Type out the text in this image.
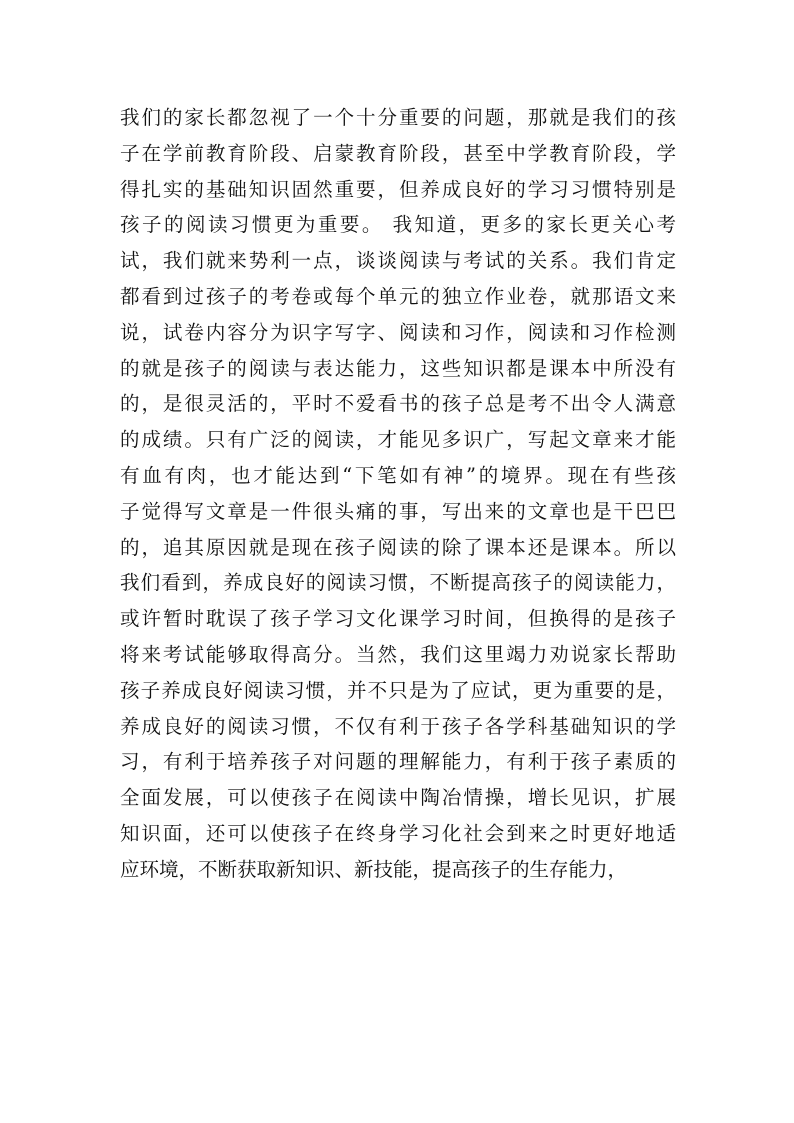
我们的家长都忽视了一个十分重要的问题，那就是我们的孩
子在学前教育阶段、启蒙教育阶段，甚至中学教育阶段，学
得扎实的基础知识固然重要，但养成良好的学习习惯特别是
孩子的阅读习惯更为重要。 我知道，更多的家长更关心考
试，我们就来势利一点，谈谈阅读与考试的关系。我们肯定
都看到过孩子的考卷或每个单元的独立作业卷，就那语文来
说，试卷内容分为识字写字、阅读和习作，阅读和习作检测
的就是孩子的阅读与表达能力，这些知识都是课本中所没有
的，是很灵活的，平时不爱看书的孩子总是考不出令人满意
的成绩。只有广泛的阅读，才能见多识广，写起文章来才能
有血有肉，也才能达到“下笔如有神”的境界。现在有些孩
子觉得写文章是一件很头痛的事，写出来的文章也是干巴巴
的，追其原因就是现在孩子阅读的除了课本还是课本。所以
我们看到，养成良好的阅读习惯，不断提高孩子的阅读能力，
或许暂时耽误了孩子学习文化课学习时间，但换得的是孩子
将来考试能够取得高分。当然，我们这里竭力劝说家长帮助
孩子养成良好阅读习惯，并不只是为了应试，更为重要的是，
养成良好的阅读习惯，不仅有利于孩子各学科基础知识的学
习，有利于培养孩子对问题的理解能力，有利于孩子素质的
全面发展，可以使孩子在阅读中陶冶情操，增长见识，扩展
知识面，还可以使孩子在终身学习化社会到来之时更好地适
应环境，不断获取新知识、新技能，提高孩子的生存能力，
